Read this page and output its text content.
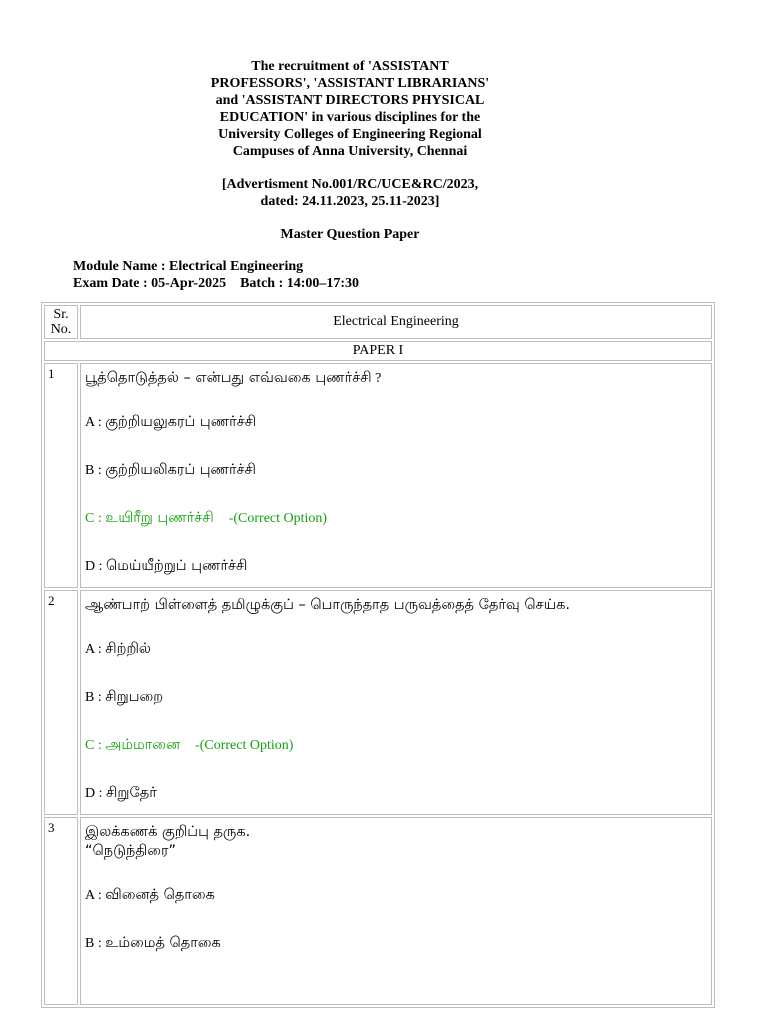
The recruitment of 'ASSISTANT
PROFESSORS', 'ASSISTANT LIBRARIANS'
and 'ASSISTANT DIRECTORS PHYSICAL
EDUCATION' in various disciplines for the
University Colleges of Engineering Regional
Campuses of Anna University, Chennai
[Advertisment No.001/RC/UCE&RC/2023,
dated: 24.11.2023, 25.11-2023]
Master Question Paper
Module Name : Electrical Engineering
Exam Date : 05-Apr-2025    Batch : 14:00–17:30
Sr. No.	Electrical Engineering
PAPER I	
1	பூத்தொடுத்தல் – என்பது எவ்வகை புணர்ச்சி ?
A : குற்றியலுகரப் புணர்ச்சி
B : குற்றியலிகரப் புணர்ச்சி
C : உயிரீறு புணர்ச்சி -(Correct Option)
D : மெய்யீற்றுப் புணர்ச்சி

2	ஆண்பாற் பிள்ளைத் தமிழுக்குப் – பொருந்தாத பருவத்தைத் தேர்வு செய்க.
A : சிற்றில்
B : சிறுபறை
C : அம்மானை -(Correct Option)
D : சிறுதேர்

3	இலக்கணக் குறிப்பு தருக.
“நெடுந்திரை”
A : வினைத் தொகை
B : உம்மைத் தொகை
